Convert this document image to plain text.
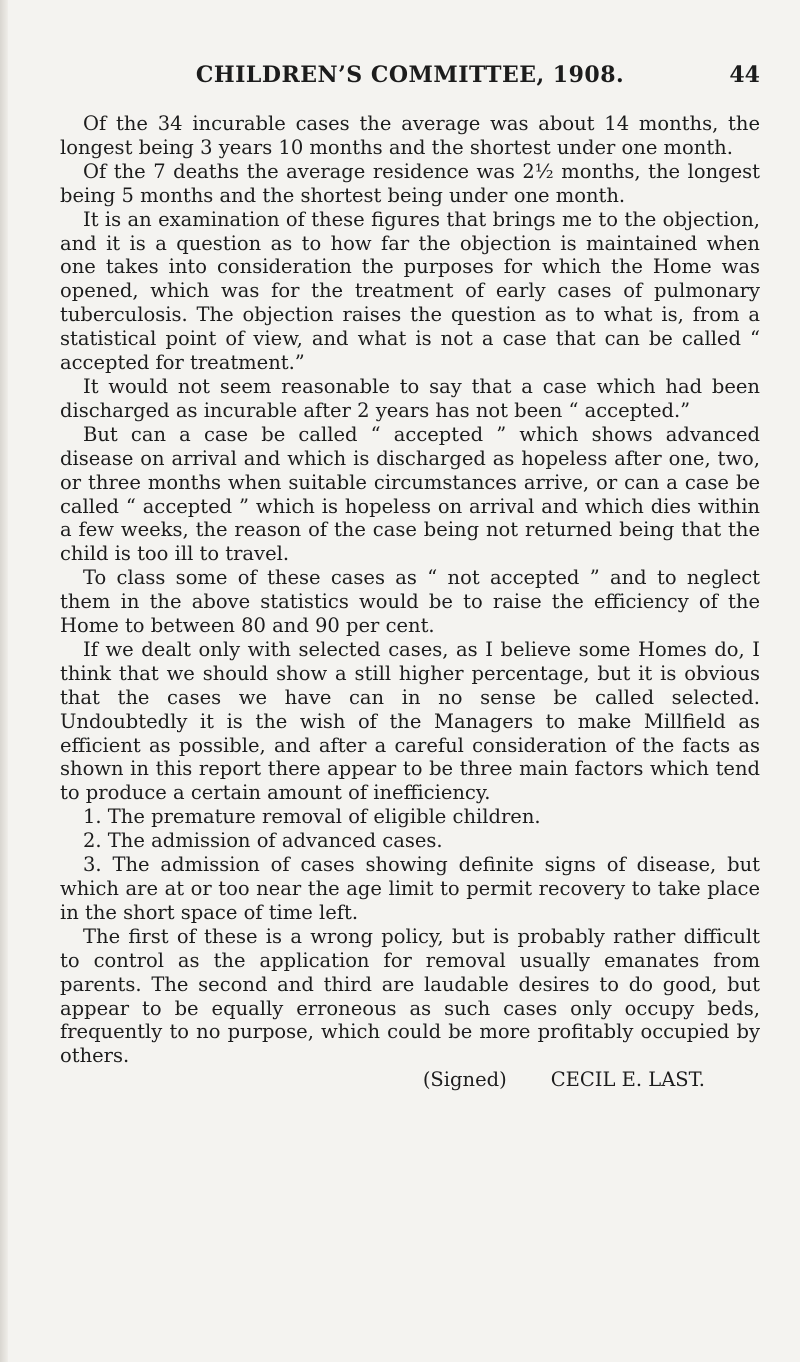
CHILDREN’S COMMITTEE, 1908.	44

Of the 34 incurable cases the average was about 14 months, the longest being 3 years 10 months and the shortest under one month.

Of the 7 deaths the average residence was 2½ months, the longest being 5 months and the shortest being under one month.

It is an examination of these figures that brings me to the objection, and it is a question as to how far the objection is maintained when one takes into consideration the purposes for which the Home was opened, which was for the treatment of early cases of pulmonary tuberculosis. The objection raises the question as to what is, from a statistical point of view, and what is not a case that can be called “ accepted for treatment.”

It would not seem reasonable to say that a case which had been discharged as incurable after 2 years has not been “ accepted.”

But can a case be called “ accepted ” which shows advanced disease on arrival and which is discharged as hopeless after one, two, or three months when suitable circumstances arrive, or can a case be called “ accepted ” which is hopeless on arrival and which dies within a few weeks, the reason of the case being not returned being that the child is too ill to travel.

To class some of these cases as “ not accepted ” and to neglect them in the above statistics would be to raise the efficiency of the Home to between 80 and 90 per cent.

If we dealt only with selected cases, as I believe some Homes do, I think that we should show a still higher percentage, but it is obvious that the cases we have can in no sense be called selected. Undoubtedly it is the wish of the Managers to make Millfield as efficient as possible, and after a careful consideration of the facts as shown in this report there appear to be three main factors which tend to produce a certain amount of inefficiency.

1. The premature removal of eligible children.

2. The admission of advanced cases.

3. The admission of cases showing definite signs of disease, but which are at or too near the age limit to permit recovery to take place in the short space of time left.

The first of these is a wrong policy, but is probably rather difficult to control as the application for removal usually emanates from parents. The second and third are laudable desires to do good, but appear to be equally erroneous as such cases only occupy beds, frequently to no purpose, which could be more profitably occupied by others.

(Signed) CECIL E. LAST.
